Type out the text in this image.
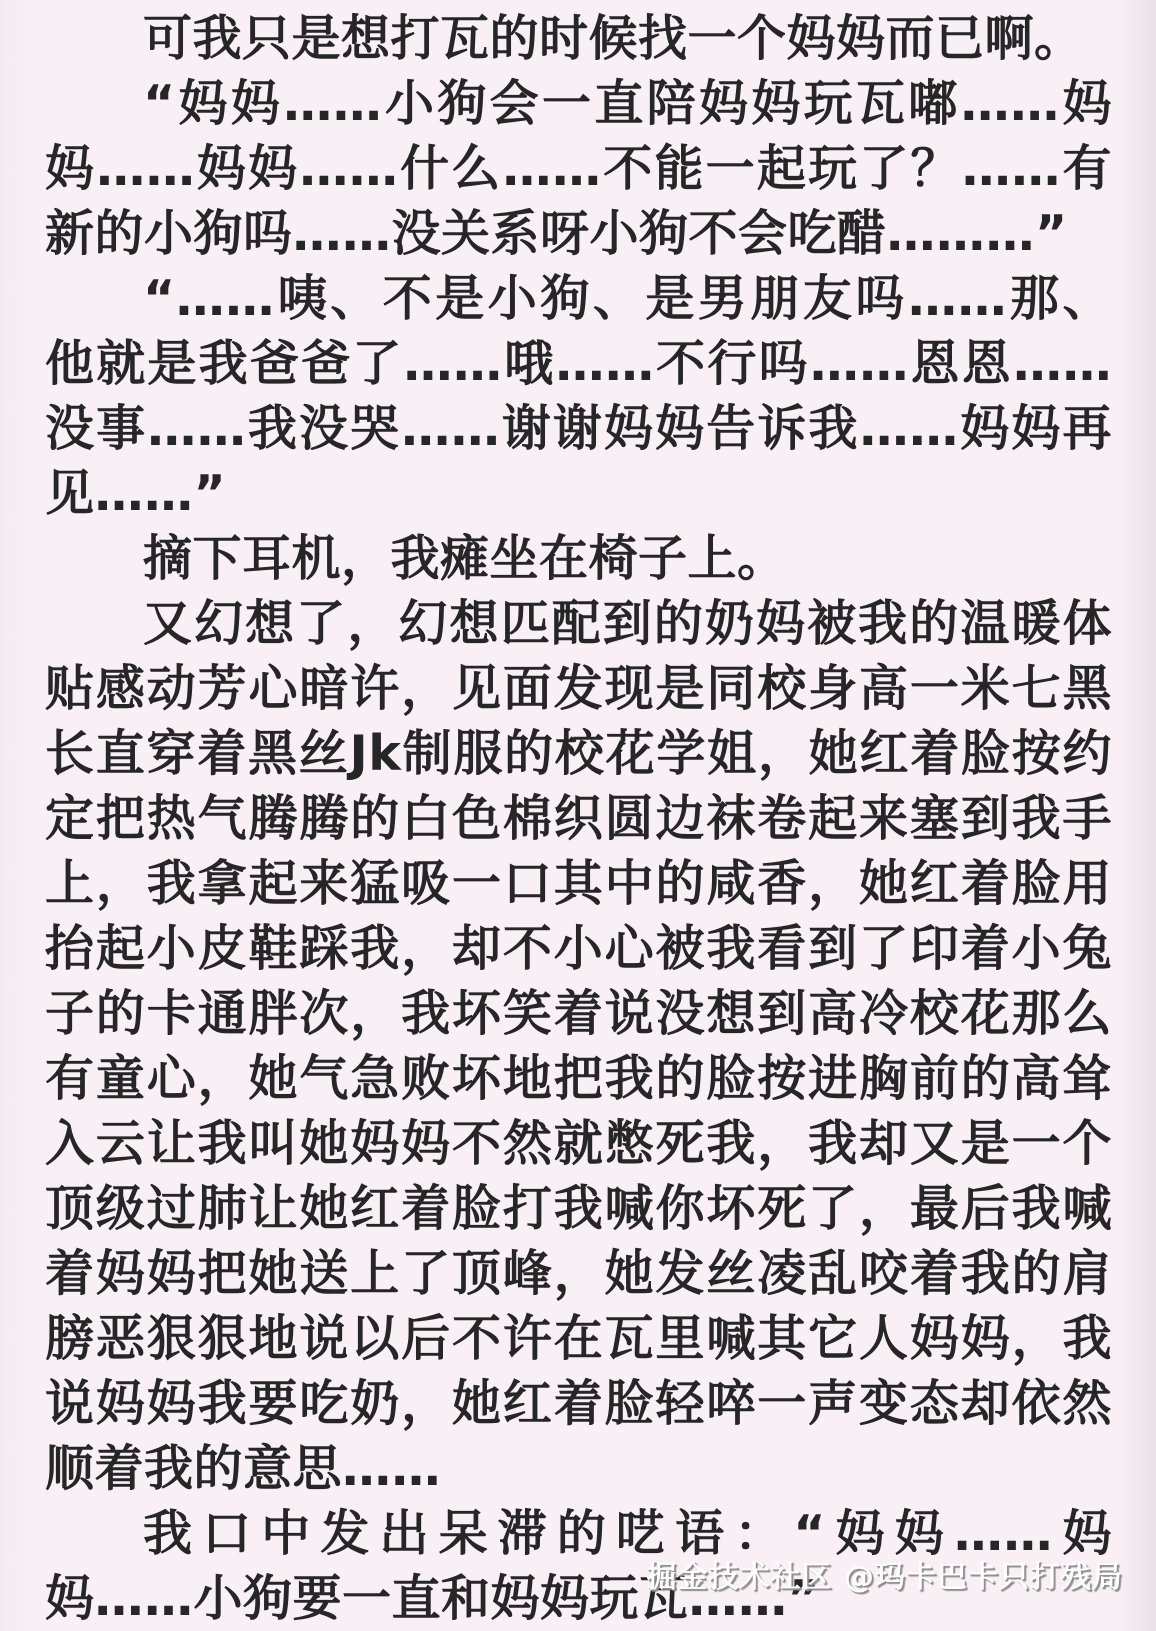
可我只是想打瓦的时候找一个妈妈而已啊。

“妈妈……小狗会一直陪妈妈玩瓦嘟……妈妈……妈妈……什么……不能一起玩了？……有新的小狗吗……没关系呀小狗不会吃醋………”

“……咦、不是小狗、是男朋友吗……那、他就是我爸爸了……哦……不行吗……恩恩……没事……我没哭……谢谢妈妈告诉我……妈妈再见……”

摘下耳机，我瘫坐在椅子上。

又幻想了，幻想匹配到的奶妈被我的温暖体贴感动芳心暗许，见面发现是同校身高一米七黑长直穿着黑丝Jk制服的校花学姐，她红着脸按约定把热气腾腾的白色棉织圆边袜卷起来塞到我手上，我拿起来猛吸一口其中的咸香，她红着脸用抬起小皮鞋踩我，却不小心被我看到了印着小兔子的卡通胖次，我坏笑着说没想到高冷校花那么有童心，她气急败坏地把我的脸按进胸前的高耸入云让我叫她妈妈不然就憋死我，我却又是一个顶级过肺让她红着脸打我喊你坏死了，最后我喊着妈妈把她送上了顶峰，她发丝凌乱咬着我的肩膀恶狠狠地说以后不许在瓦里喊其它人妈妈，我说妈妈我要吃奶，她红着脸轻啐一声变态却依然顺着我的意思……

我口中发出呆滞的呓语：“妈妈……妈妈……小狗要一直和妈妈玩瓦……”

掘金技术社区 @玛卡巴卡只打残局
